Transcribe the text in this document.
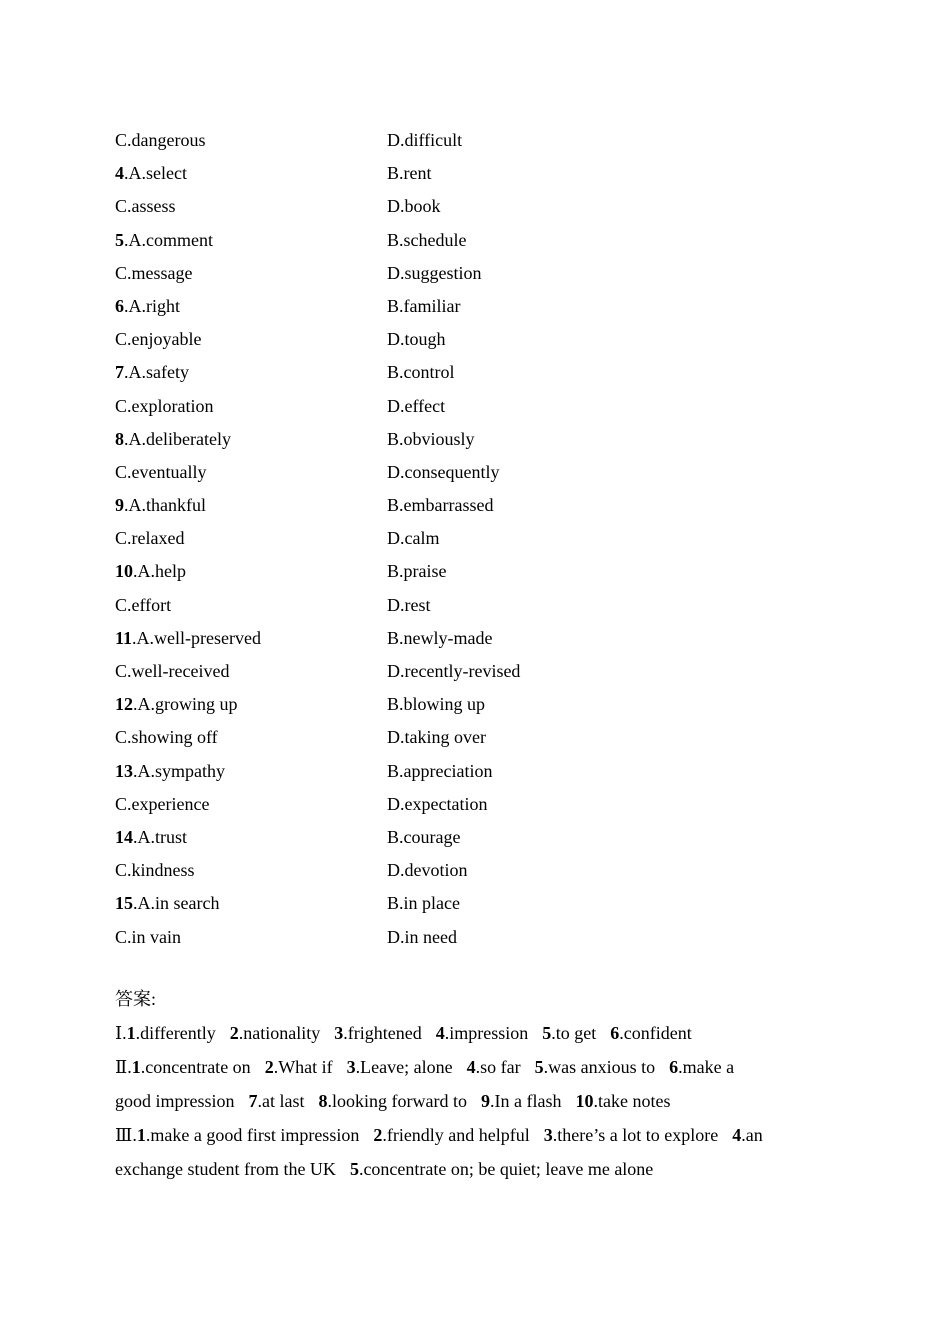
C.dangerous	D.difficult
4.A.select	B.rent
C.assess	D.book
5.A.comment	B.schedule
C.message	D.suggestion
6.A.right	B.familiar
C.enjoyable	D.tough
7.A.safety	B.control
C.exploration	D.effect
8.A.deliberately	B.obviously
C.eventually	D.consequently
9.A.thankful	B.embarrassed
C.relaxed	D.calm
10.A.help	B.praise
C.effort	D.rest
11.A.well-preserved	B.newly-made
C.well-received	D.recently-revised
12.A.growing up	B.blowing up
C.showing off	D.taking over
13.A.sympathy	B.appreciation
C.experience	D.expectation
14.A.trust	B.courage
C.kindness	D.devotion
15.A.in search	B.in place
C.in vain	D.in need
答案:
Ⅰ.1.differently 2.nationality 3.frightened 4.impression 5.to get 6.confident
Ⅱ.1.concentrate on 2.What if 3.Leave; alone 4.so far 5.was anxious to 6.make a
good impression 7.at last 8.looking forward to 9.In a flash 10.take notes
Ⅲ.1.make a good first impression 2.friendly and helpful 3.there’s a lot to explore 4.an
exchange student from the UK 5.concentrate on; be quiet; leave me alone
